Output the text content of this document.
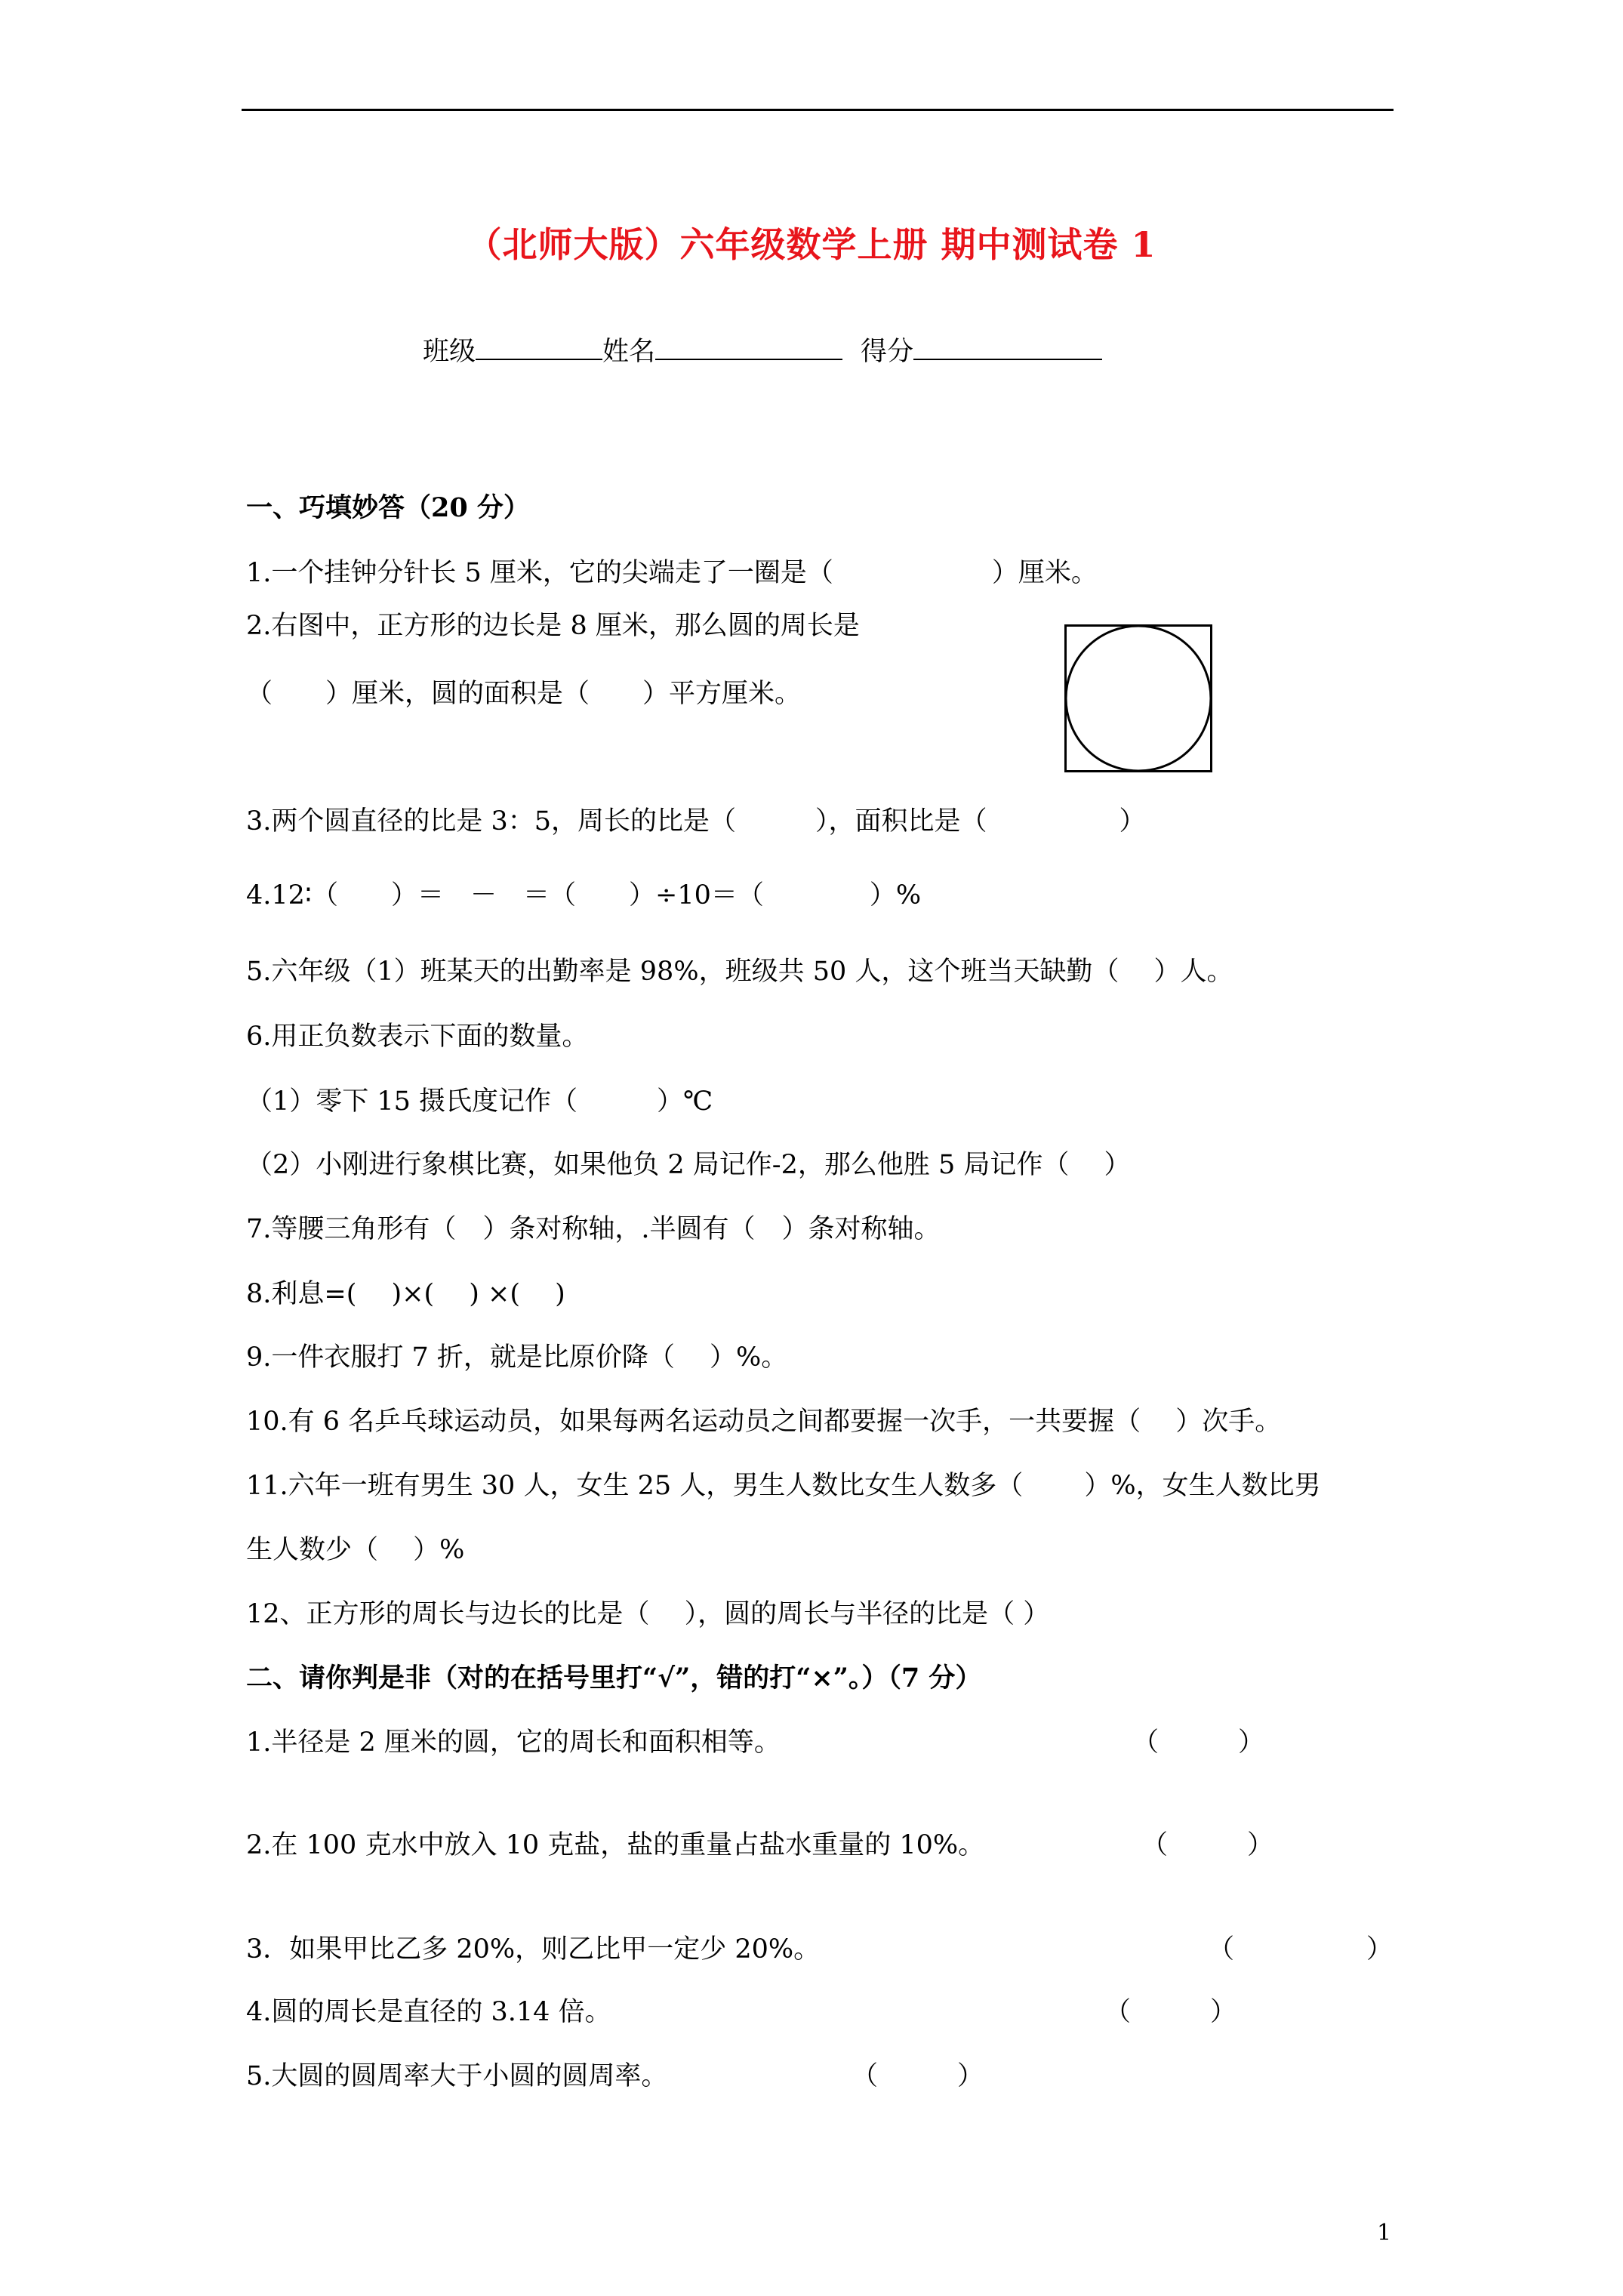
（北师大版）六年级数学上册 期中测试卷 1
班级	姓名	得分
一、巧填妙答（20 分）
1.一个挂钟分针长 5 厘米，它的尖端走了一圈是（　　　　　　）厘米。
2.右图中，正方形的边长是 8 厘米，那么圆的周长是
（　　）厘米，圆的面积是（　　）平方厘米。
3.两个圆直径的比是 3：5，周长的比是（　　　），面积比是（　　　　　）
4.12∶（　　）＝　－　＝（　　）÷10＝（　　　　）%
5.六年级（1）班某天的出勤率是 98%，班级共 50 人，这个班当天缺勤（　 ）人。
6.用正负数表示下面的数量。
（1）零下 15 摄氏度记作（　　　）℃
（2）小刚进行象棋比赛，如果他负 2 局记作-2，那么他胜 5 局记作（　 ）
7.等腰三角形有（　）条对称轴，.半圆有（　）条对称轴。
8.利息=(　 )×(　 ) ×(　 )
9.一件衣服打 7 折，就是比原价降（　 ）%。
10.有 6 名乒乓球运动员，如果每两名运动员之间都要握一次手，一共要握（　 ）次手。
11.六年一班有男生 30 人，女生 25 人，男生人数比女生人数多（　　 ）%，女生人数比男
生人数少（　 ）%
12、正方形的周长与边长的比是（　 ），圆的周长与半径的比是（ ）
二、请你判是非（对的在括号里打“√”，错的打“×”。）（7 分）
1.半径是 2 厘米的圆，它的周长和面积相等。	（　　　）
2.在 100 克水中放入 10 克盐，盐的重量占盐水重量的 10%。	（　　　）
3．如果甲比乙多 20%，则乙比甲一定少 20%。	（　　　　　）
4.圆的周长是直径的 3.14 倍。	（　　　）
5.大圆的圆周率大于小圆的圆周率。	（　　　）
1
